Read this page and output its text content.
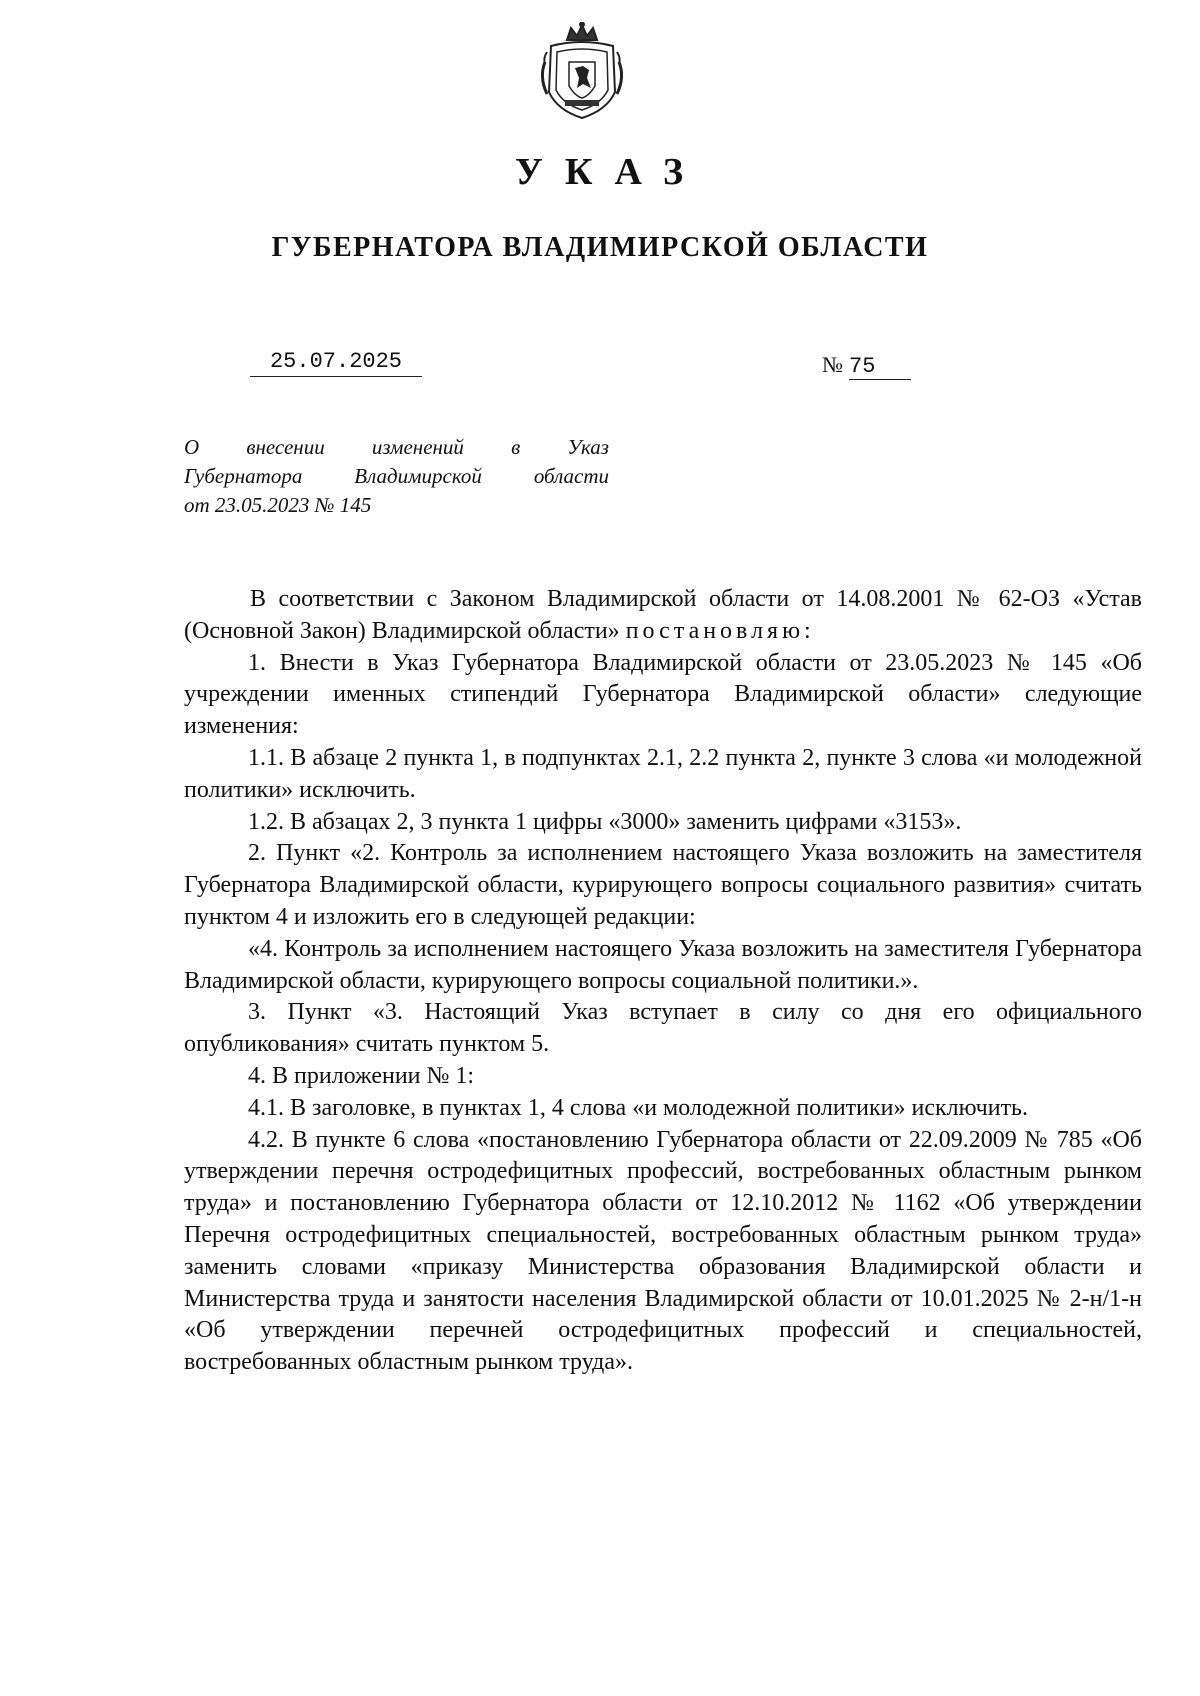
УКАЗ
ГУБЕРНАТОРА ВЛАДИМИРСКОЙ ОБЛАСТИ
25.07.2025	№ 75
О внесении изменений в Указ
Губернатора Владимирской области
от 23.05.2023 № 145

В соответствии с Законом Владимирской области от 14.08.2001 № 62-ОЗ «Устав (Основной Закон) Владимирской области» постановляю:

1. Внести в Указ Губернатора Владимирской области от 23.05.2023 № 145 «Об учреждении именных стипендий Губернатора Владимирской области» следующие изменения:

1.1. В абзаце 2 пункта 1, в подпунктах 2.1, 2.2 пункта 2, пункте 3 слова «и молодежной политики» исключить.

1.2. В абзацах 2, 3 пункта 1 цифры «3000» заменить цифрами «3153».

2. Пункт «2. Контроль за исполнением настоящего Указа возложить на заместителя Губернатора Владимирской области, курирующего вопросы социального развития» считать пунктом 4 и изложить его в следующей редакции:

«4. Контроль за исполнением настоящего Указа возложить на заместителя Губернатора Владимирской области, курирующего вопросы социальной политики.».

3. Пункт «3. Настоящий Указ вступает в силу со дня его официального опубликования» считать пунктом 5.

4. В приложении № 1:

4.1. В заголовке, в пунктах 1, 4 слова «и молодежной политики» исключить.

4.2. В пункте 6 слова «постановлению Губернатора области от 22.09.2009 № 785 «Об утверждении перечня остродефицитных профессий, востребованных областным рынком труда» и постановлению Губернатора области от 12.10.2012 № 1162 «Об утверждении Перечня остродефицитных специальностей, востребованных областным рынком труда» заменить словами «приказу Министерства образования Владимирской области и Министерства труда и занятости населения Владимирской области от 10.01.2025 № 2-н/1-н «Об утверждении перечней остродефицитных профессий и специальностей, востребованных областным рынком труда».
